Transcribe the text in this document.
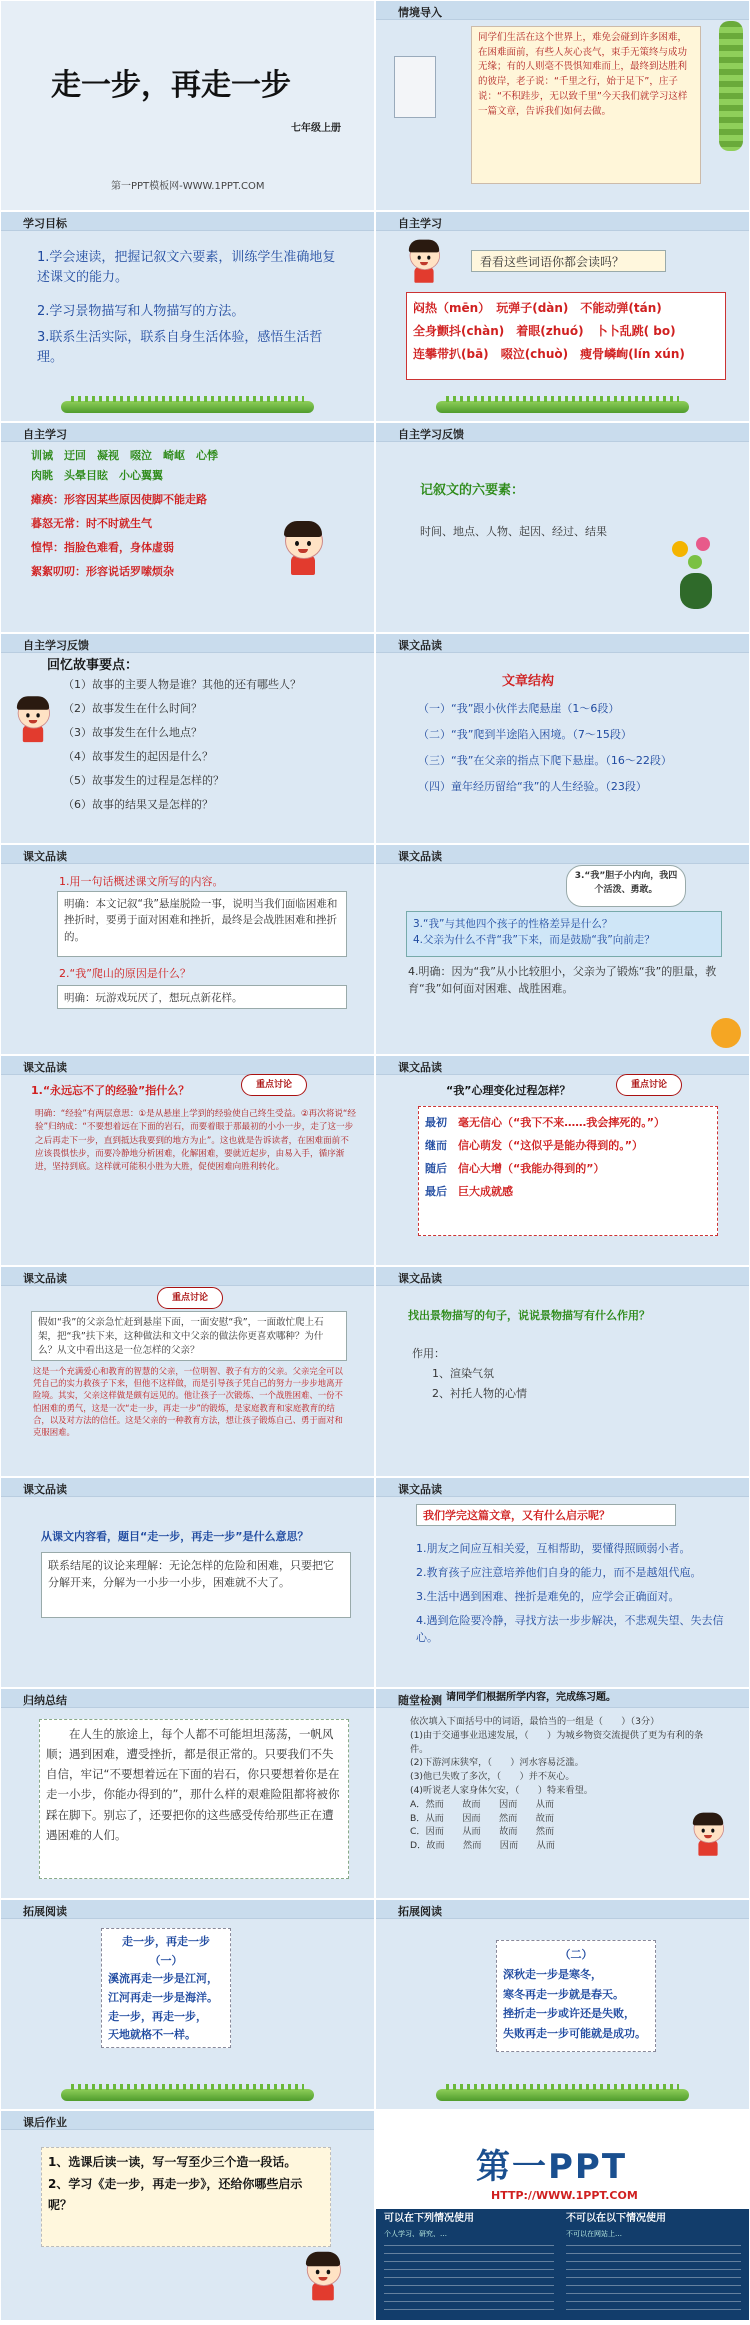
走一步，再走一步
七年级上册
第一PPT模板网-WWW.1PPT.COM
情境导入
同学们生活在这个世界上，难免会碰到许多困难，在困难面前，有些人灰心丧气，束手无策终与成功无缘；有的人则毫不畏惧知难而上，最终到达胜利的彼岸，老子说：“千里之行，始于足下”，庄子说：“不积跬步，无以致千里”今天我们就学习这样一篇文章，告诉我们如何去做。
学习目标
1.学会速读，把握记叙文六要素，训练学生准确地复述课文的能力。
2.学习景物描写和人物描写的方法。
3.联系生活实际，联系自身生活体验，感悟生活哲理。
自主学习
看看这些词语你都会读吗？
闷热（mēn）　 玩弹子(dàn)　 不能动弹(tán)
全身颤抖(chàn)　 着眼(zhuó)　 卜卜乱跳( bo)
连攀带扒(bā)　 啜泣(chuò)　 瘦骨嶙峋(lín xún)
自主学习
训诫　迂回　凝视　啜泣　崎岖　心悸
肉眺　头晕目眩　小心翼翼
瘫痪：形容因某些原因使脚不能走路
暮怒无常：时不时就生气
惶悍：指脸色难看，身体虚弱
絮絮叨叨：形容说话罗嗦烦杂
自主学习反馈
记叙文的六要素：
时间、地点、人物、起因、经过、结果
自主学习反馈
回忆故事要点：
（1）故事的主要人物是谁？其他的还有哪些人？
（2）故事发生在什么时间？
（3）故事发生在什么地点？
（4）故事发生的起因是什么？
（5）故事发生的过程是怎样的？
（6）故事的结果又是怎样的？
课文品读
文章结构
（一）“我”跟小伙伴去爬悬崖（1～6段）
（二）“我”爬到半途陷入困境。（7～15段）
（三）“我”在父亲的指点下爬下悬崖。（16～22段）
（四）童年经历留给“我”的人生经验。（23段）
课文品读
1.用一句话概述课文所写的内容。
明确：本文记叙“我”悬崖脱险一事，说明当我们面临困难和挫折时，要勇于面对困难和挫折，最终是会战胜困难和挫折的。
2.“我”爬山的原因是什么？
明确：玩游戏玩厌了，想玩点新花样。
课文品读
3.“我”胆子小内向，我四个活泼、勇敢。
3.“我”与其他四个孩子的性格差异是什么？
4.父亲为什么不背“我”下来，而是鼓励“我”向前走？
4.明确：因为“我”从小比较胆小，父亲为了锻炼“我”的胆量，教育“我”如何面对困难、战胜困难。
课文品读
1.“永远忘不了的经验”指什么？	重点讨论
明确：“经验”有两层意思：①是从悬崖上学到的经验使自己终生受益。②再次将说“经验”归纳成：“不要想着远在下面的岩石，而要着眼于那最初的小小一步，走了这一步之后再走下一步，直到抵达我要到的地方为止”。这也就是告诉读者，在困难面前不应该畏惧怯步，而要冷静地分析困难，化解困难，要就近起步，由易入手，循序渐进，坚持到底。这样就可能积小胜为大胜，促使困难向胜利转化。
课文品读
“我”心理变化过程怎样？	重点讨论
最初　 毫无信心（“我下不来……我会摔死的。”）
继而　 信心萌发（“这似乎是能办得到的。”）
随后　 信心大增（“我能办得到的”）
最后　 巨大成就感
课文品读
重点讨论
假如“我”的父亲急忙赶到悬崖下面，一面安慰“我”，一面敢忙爬上石架，把“我”扶下来，这种做法和文中父亲的做法你更喜欢哪种？为什么？从文中看出这是一位怎样的父亲？
这是一个充满爱心和教育的智慧的父亲，一位明智、教子有方的父亲。父亲完全可以凭自己的实力救孩子下来，但他不这样做，而是引导孩子凭自己的努力一步步地离开险境。其实，父亲这样做是颇有远见的。他让孩子一次锻炼、一个战胜困难、一份不怕困难的勇气，这是一次“走一步，再走一步”的锻炼，是家庭教育和家庭教育的结合，以及对方法的信任。这是父亲的一种教育方法，想让孩子锻炼自己、勇于面对和克服困难。
课文品读
找出景物描写的句子，说说景物描写有什么作用？
作用：
1、渲染气氛
2、衬托人物的心情
课文品读
从课文内容看，题目“走一步，再走一步”是什么意思？
联系结尾的议论来理解：无论怎样的危险和困难，只要把它分解开来，分解为一小步一小步，困难就不大了。
课文品读
我们学完这篇文章，又有什么启示呢？
1.朋友之间应互相关爱，互相帮助，要懂得照顾弱小者。
2.教育孩子应注意培养他们自身的能力，而不是越俎代庖。
3.生活中遇到困难、挫折是难免的，应学会正确面对。
4.遇到危险要冷静，寻找方法一步步解决，不悲观失望、失去信心。
归纳总结
在人生的旅途上，每个人都不可能坦坦荡荡，一帆风顺；遇到困难，遭受挫折，都是很正常的。只要我们不失自信，牢记“不要想着远在下面的岩石，你只要想着你是在走一小步，你能办得到的”，那什么样的艰难险阻都将被你踩在脚下。别忘了，还要把你的这些感受传给那些正在遭遇困难的人们。
随堂检测 请同学们根据所学内容，完成练习题。
依次填入下面括号中的词语，最恰当的一组是（　　）（3分）
(1)由于交通事业迅速发展，（　　）为城乡物资交流提供了更为有利的条件。
(2)下游河床狭窄，（　　）河水容易泛滥。
(3)他已失败了多次，（　　）并不灰心。
(4)听说老人家身体欠安，（　　）特来看望。
A．然而　　故而　　因而　　从而
B．从而　　因而　　然而　　故而
C．因而　　从而　　故而　　然而
D．故而　　然而　　因而　　从而
拓展阅读
走一步，再走一步
（一）
溪流再走一步是江河，
江河再走一步是海洋。
走一步，再走一步，
天地就格不一样。
拓展阅读
（二）
深秋走一步是寒冬，
寒冬再走一步就是春天。
挫折走一步或许还是失败，
失败再走一步可能就是成功。
课后作业
1、选课后读一读，写一写至少三个造一段话。
2、学习《走一步，再走一步》，还给你哪些启示呢？
第一PPT
HTTP://WWW.1PPT.COM
可以在下列情况使用	不可以在以下情况使用
个人学习、研究、…	不可以在网站上…
